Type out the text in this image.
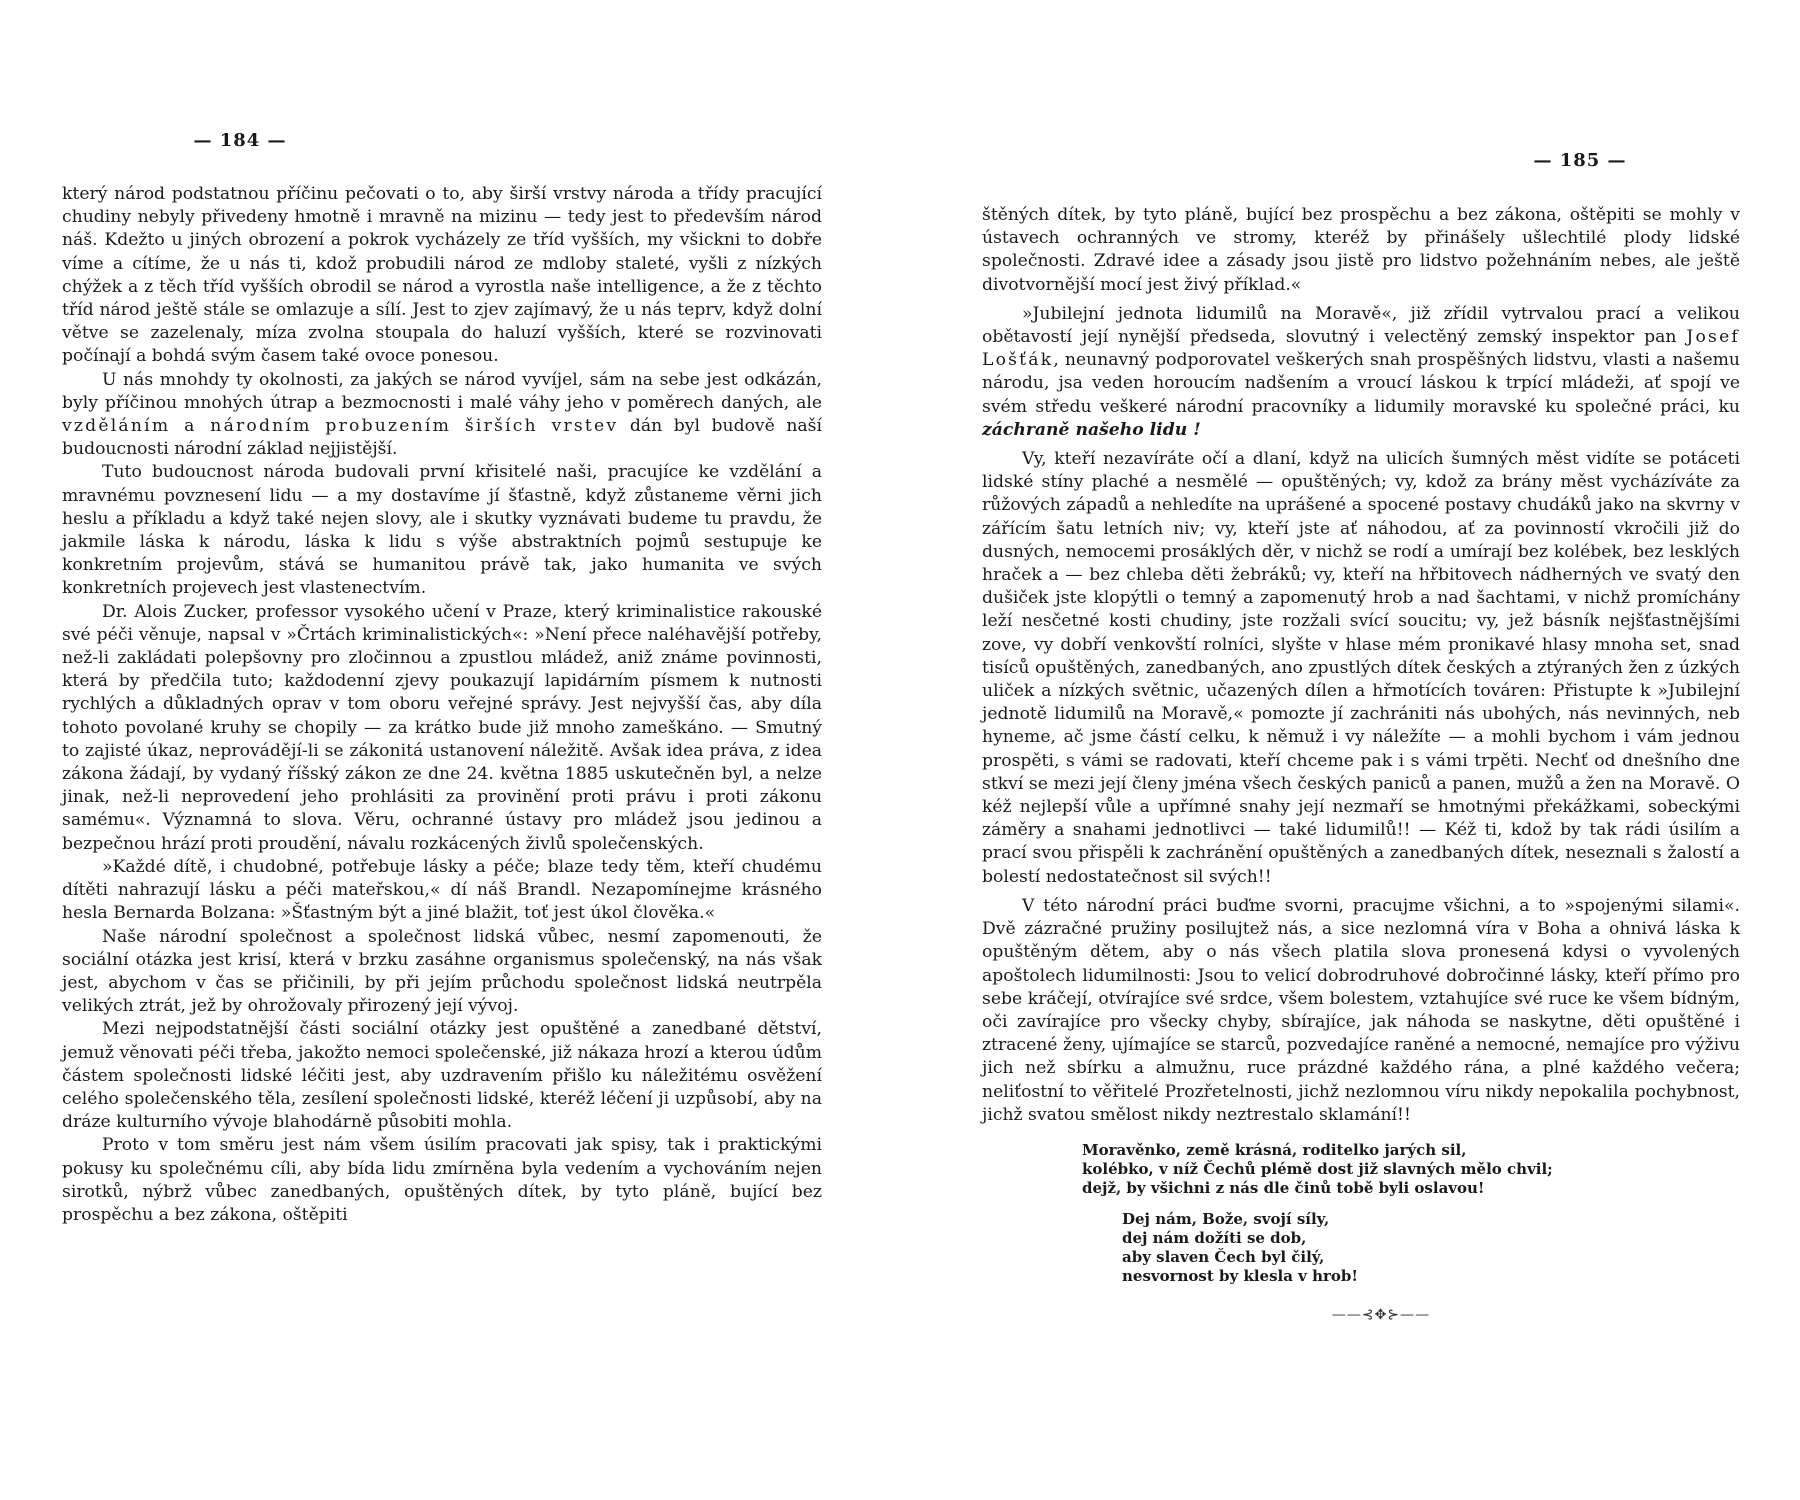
— 184 —

který národ podstatnou příčinu pečovati o to, aby širší vrstvy národa a třídy pracující chudiny nebyly přivedeny hmotně i mravně na mizinu — tedy jest to především národ náš. Kdežto u jiných obrození a pokrok vycházely ze tříd vyšších, my všickni to dobře víme a cítíme, že u nás ti, kdož probudili národ ze mdloby staleté, vyšli z nízkých chýžek a z těch tříd vyšších obrodil se národ a vyrostla naše intelligence, a že z těchto tříd národ ještě stále se omlazuje a sílí. Jest to zjev zajímavý, že u nás teprv, když dolní větve se zazelenaly, míza zvolna stoupala do haluzí vyšších, které se rozvinovati počínají a bohdá svým časem také ovoce ponesou.

U nás mnohdy ty okolnosti, za jakých se národ vyvíjel, sám na sebe jest odkázán, byly příčinou mnohých útrap a bezmocnosti i malé váhy jeho v poměrech daných, ale vzděláním a národním probuzením širších vrstev dán byl budově naší budoucnosti národní základ nejjistější.

Tuto budoucnost národa budovali první křisitelé naši, pracujíce ke vzdělání a mravnému povznesení lidu — a my dostavíme jí šťastně, když zůstaneme věrni jich heslu a příkladu a když také nejen slovy, ale i skutky vyznávati budeme tu pravdu, že jakmile láska k národu, láska k lidu s výše abstraktních pojmů sestupuje ke konkretním projevům, stává se humanitou právě tak, jako humanita ve svých konkretních projevech jest vlastenectvím.

Dr. Alois Zucker, professor vysokého učení v Praze, který kriminalistice rakouské své péči věnuje, napsal v »Črtách kriminalistických«: »Není přece naléhavější potřeby, než-li zakládati polepšovny pro zločinnou a zpustlou mládež, aniž známe povinnosti, která by předčila tuto; každodenní zjevy poukazují lapidárním písmem k nutnosti rychlých a důkladných oprav v tom oboru veřejné správy. Jest nejvyšší čas, aby díla tohoto povolané kruhy se chopily — za krátko bude již mnoho zameškáno. — Smutný to zajisté úkaz, neprovádějí-li se zákonitá ustanovení náležitě. Avšak idea práva, z idea zákona žádají, by vydaný říšský zákon ze dne 24. května 1885 uskutečněn byl, a nelze jinak, než-li neprovedení jeho prohlásiti za provinění proti právu i proti zákonu samému«. Významná to slova. Věru, ochranné ústavy pro mládež jsou jedinou a bezpečnou hrází proti proudění, návalu rozkácených živlů společenských.

»Každé dítě, i chudobné, potřebuje lásky a péče; blaze tedy těm, kteří chudému dítěti nahrazují lásku a péči mateřskou,« dí náš Brandl. Nezapomínejme krásného hesla Bernarda Bolzana: »Šťastným být a jiné blažit, toť jest úkol člověka.«

Naše národní společnost a společnost lidská vůbec, nesmí zapomenouti, že sociální otázka jest krisí, která v brzku zasáhne organismus společenský, na nás však jest, abychom v čas se přičinili, by při jejím průchodu společnost lidská neutrpěla velikých ztrát, jež by ohrožovaly přirozený její vývoj.

Mezi nejpodstatnější části sociální otázky jest opuštěné a zanedbané dětství, jemuž věnovati péči třeba, jakožto nemoci společenské, již nákaza hrozí a kterou údům částem společnosti lidské léčiti jest, aby uzdravením přišlo ku náležitému osvěžení celého společenského těla, zesílení společnosti lidské, kteréž léčení ji uzpůsobí, aby na dráze kulturního vývoje blahodárně působiti mohla.

Proto v tom směru jest nám všem úsilím pracovati jak spisy, tak i praktickými pokusy ku společnému cíli, aby bída lidu zmírněna byla vedením a vychováním nejen sirotků, nýbrž vůbec zanedbaných, opuštěných dítek, by tyto pláně, bující bez prospěchu a bez zákona, oštěpiti

— 185 —

štěných dítek, by tyto pláně, bující bez prospěchu a bez zákona, oštěpiti se mohly v ústavech ochranných ve stromy, kteréž by přinášely ušlechtilé plody lidské společnosti. Zdravé idee a zásady jsou jistě pro lidstvo požehnáním nebes, ale ještě divotvornější mocí jest živý příklad.«

»Jubilejní jednota lidumilů na Moravě«, již zřídil vytrvalou prací a velikou obětavostí její nynější předseda, slovutný i velectěný zemský inspektor pan Josef Lošťák, neunavný podporovatel veškerých snah prospěšných lidstvu, vlasti a našemu národu, jsa veden horoucím nadšením a vroucí láskou k trpící mládeži, ať spojí ve svém středu veškeré národní pracovníky a lidumily moravské ku společné práci, ku záchraně našeho lidu !

Vy, kteří nezavíráte očí a dlaní, když na ulicích šumných měst vidíte se potáceti lidské stíny plaché a nesmělé — opuštěných; vy, kdož za brány měst vycházíváte za růžových západů a nehledíte na uprášené a spocené postavy chudáků jako na skvrny v zářícím šatu letních niv; vy, kteří jste ať náhodou, ať za povinností vkročili již do dusných, nemocemi prosáklých děr, v nichž se rodí a umírají bez kolébek, bez lesklých hraček a — bez chleba děti žebráků; vy, kteří na hřbitovech nádherných ve svatý den dušiček jste klopýtli o temný a zapomenutý hrob a nad šachtami, v nichž promíchány leží nesčetné kosti chudiny, jste rozžali svící soucitu; vy, jež básník nejšťastnějšími zove, vy dobří venkovští rolníci, slyšte v hlase mém pronikavé hlasy mnoha set, snad tisíců opuštěných, zanedbaných, ano zpustlých dítek českých a ztýraných žen z úzkých uliček a nízkých světnic, učazených dílen a hřmotících továren: Přistupte k »Jubilejní jednotě lidumilů na Moravě,« pomozte jí zachrániti nás ubohých, nás nevinných, neb hyneme, ač jsme částí celku, k němuž i vy náležíte — a mohli bychom i vám jednou prospěti, s vámi se radovati, kteří chceme pak i s vámi trpěti. Nechť od dnešního dne stkví se mezi její členy jména všech českých paniců a panen, mužů a žen na Moravě. O kéž nejlepší vůle a upřímné snahy její nezmaří se hmotnými překážkami, sobeckými záměry a snahami jednotlivci — také lidumilů!! — Kéž ti, kdož by tak rádi úsilím a prací svou přispěli k zachránění opuštěných a zanedbaných dítek, neseznali s žalostí a bolestí nedostatečnost sil svých!!

V této národní práci buďme svorni, pracujme všichni, a to »spojenými silami«. Dvě zázračné pružiny posilujtež nás, a sice nezlomná víra v Boha a ohnivá láska k opuštěným dětem, aby o nás všech platila slova pronesená kdysi o vyvolených apoštolech lidumilnosti: Jsou to velicí dobrodruhové dobročinné lásky, kteří přímo pro sebe kráčejí, otvírajíce své srdce, všem bolestem, vztahujíce své ruce ke všem bídným, oči zavírajíce pro všecky chyby, sbírajíce, jak náhoda se naskytne, děti opuštěné i ztracené ženy, ujímajíce se starců, pozvedajíce raněné a nemocné, nemajíce pro výživu jich než sbírku a almužnu, ruce prázdné každého rána, a plné každého večera; neliťostní to věřitelé Prozřetelnosti, jichž nezlomnou víru nikdy nepokalila pochybnost, jichž svatou smělost nikdy neztrestalo sklamání!!

Moravěnko, země krásná, roditelko jarých sil,
kolébko, v níž Čechů plémě dost již slavných mělo chvil;
dejž, by všichni z nás dle činů tobě byli oslavou!
Dej nám, Bože, svojí síly,
dej nám dožíti se dob,
aby slaven Čech byl čilý,
nesvornost by klesla v hrob!
——⊰✥⊱——
